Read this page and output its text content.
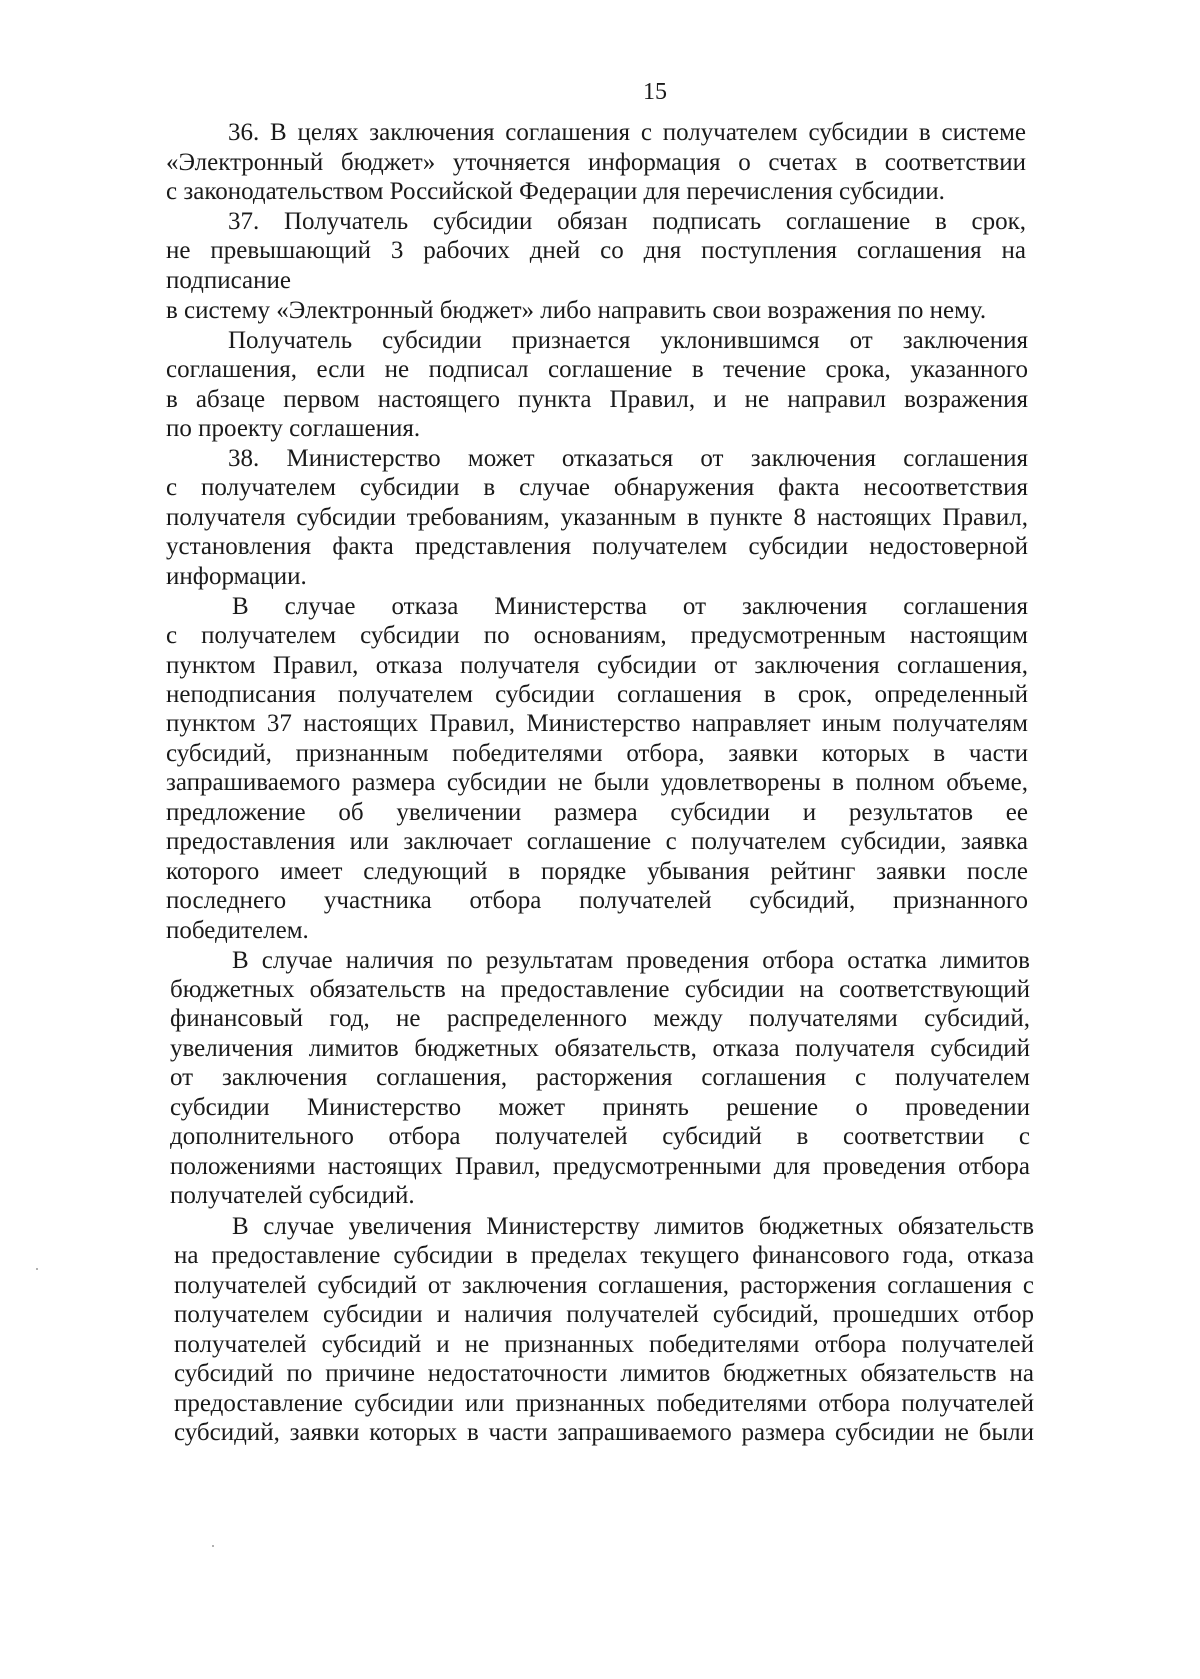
15
36. В целях заключения соглашения с получателем субсидии в системе
«Электронный бюджет» уточняется информация о счетах в соответствии
с законодательством Российской Федерации для перечисления субсидии.
37. Получатель субсидии обязан подписать соглашение в срок,
не превышающий 3 рабочих дней со дня поступления соглашения на
подписание
в систему «Электронный бюджет» либо направить свои возражения по нему.
Получатель субсидии признается уклонившимся от заключения
соглашения, если не подписал соглашение в течение срока, указанного
в абзаце первом настоящего пункта Правил, и не направил возражения
по проекту соглашения.
38. Министерство может отказаться от заключения соглашения
с получателем субсидии в случае обнаружения факта несоответствия
получателя субсидии требованиям, указанным в пункте 8 настоящих Правил,
установления факта представления получателем субсидии недостоверной
информации.
В случае отказа Министерства от заключения соглашения
с получателем субсидии по основаниям, предусмотренным настоящим
пунктом Правил, отказа получателя субсидии от заключения соглашения,
неподписания получателем субсидии соглашения в срок, определенный
пунктом 37 настоящих Правил, Министерство направляет иным получателям
субсидий, признанным победителями отбора, заявки которых в части
запрашиваемого размера субсидии не были удовлетворены в полном объеме,
предложение об увеличении размера субсидии и результатов ее
предоставления или заключает соглашение с получателем субсидии, заявка
которого имеет следующий в порядке убывания рейтинг заявки после
последнего участника отбора получателей субсидий, признанного
победителем.
В случае наличия по результатам проведения отбора остатка лимитов
бюджетных обязательств на предоставление субсидии на соответствующий
финансовый год, не распределенного между получателями субсидий,
увеличения лимитов бюджетных обязательств, отказа получателя субсидий
от заключения соглашения, расторжения соглашения с получателем
субсидии Министерство может принять решение о проведении
дополнительного отбора получателей субсидий в соответствии с
положениями настоящих Правил, предусмотренными для проведения отбора
получателей субсидий.
В случае увеличения Министерству лимитов бюджетных обязательств
на предоставление субсидии в пределах текущего финансового года, отказа
получателей субсидий от заключения соглашения, расторжения соглашения с
получателем субсидии и наличия получателей субсидий, прошедших отбор
получателей субсидий и не признанных победителями отбора получателей
субсидий по причине недостаточности лимитов бюджетных обязательств на
предоставление субсидии или признанных победителями отбора получателей
субсидий, заявки которых в части запрашиваемого размера субсидии не были
